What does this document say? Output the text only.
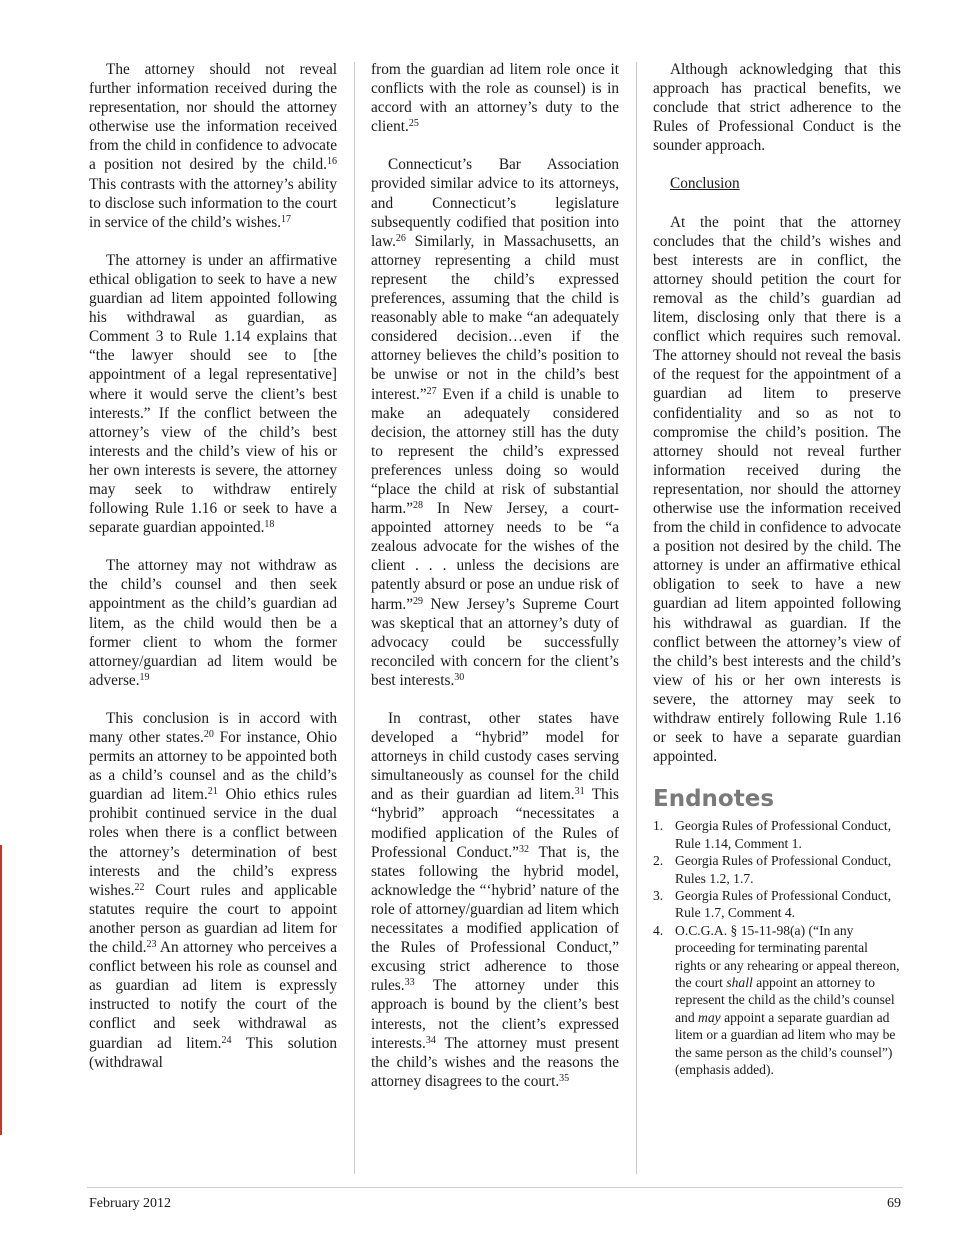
The attorney should not reveal further information received during the representation, nor should the attorney otherwise use the information received from the child in confidence to advocate a position not desired by the child.$^{16}$ This contrasts with the attorney’s ability to disclose such information to the court in service of the child’s wishes.$^{17}$

The attorney is under an affirmative ethical obligation to seek to have a new guardian ad litem appointed following his withdrawal as guardian, as Comment 3 to Rule 1.14 explains that “the lawyer should see to [the appointment of a legal representative] where it would serve the client’s best interests.” If the conflict between the attorney’s view of the child’s best interests and the child’s view of his or her own interests is severe, the attorney may seek to withdraw entirely following Rule 1.16 or seek to have a separate guardian appointed.$^{18}$

The attorney may not withdraw as the child’s counsel and then seek appointment as the child’s guardian ad litem, as the child would then be a former client to whom the former attorney/guardian ad litem would be adverse.$^{19}$

This conclusion is in accord with many other states.$^{20}$ For instance, Ohio permits an attorney to be appointed both as a child’s counsel and as the child’s guardian ad litem.$^{21}$ Ohio ethics rules prohibit continued service in the dual roles when there is a conflict between the attorney’s determination of best interests and the child’s express wishes.$^{22}$ Court rules and applicable statutes require the court to appoint another person as guardian ad litem for the child.$^{23}$ An attorney who perceives a conflict between his role as counsel and as guardian ad litem is expressly instructed to notify the court of the conflict and seek withdrawal as guardian ad litem.$^{24}$ This solution (withdrawal

from the guardian ad litem role once it conflicts with the role as counsel) is in accord with an attorney’s duty to the client.$^{25}$

Connecticut’s Bar Association provided similar advice to its attorneys, and Connecticut’s legislature subsequently codified that position into law.$^{26}$ Similarly, in Massachusetts, an attorney representing a child must represent the child’s expressed preferences, assuming that the child is reasonably able to make “an adequately considered decision…even if the attorney believes the child’s position to be unwise or not in the child’s best interest.”$^{27}$ Even if a child is unable to make an adequately considered decision, the attorney still has the duty to represent the child’s expressed preferences unless doing so would “place the child at risk of substantial harm.”$^{28}$ In New Jersey, a court-appointed attorney needs to be “a zealous advocate for the wishes of the client . . . unless the decisions are patently absurd or pose an undue risk of harm.”$^{29}$ New Jersey’s Supreme Court was skeptical that an attorney’s duty of advocacy could be successfully reconciled with concern for the client’s best interests.$^{30}$

In contrast, other states have developed a “hybrid” model for attorneys in child custody cases serving simultaneously as counsel for the child and as their guardian ad litem.$^{31}$ This “hybrid” approach “necessitates a modified application of the Rules of Professional Conduct.”$^{32}$ That is, the states following the hybrid model, acknowledge the “‘hybrid’ nature of the role of attorney/guardian ad litem which necessitates a modified application of the Rules of Professional Conduct,” excusing strict adherence to those rules.$^{33}$ The attorney under this approach is bound by the client’s best interests, not the client’s expressed interests.$^{34}$ The attorney must present the child’s wishes and the reasons the attorney disagrees to the court.$^{35}$

Although acknowledging that this approach has practical benefits, we conclude that strict adherence to the Rules of Professional Conduct is the sounder approach.

Conclusion

At the point that the attorney concludes that the child’s wishes and best interests are in conflict, the attorney should petition the court for removal as the child’s guardian ad litem, disclosing only that there is a conflict which requires such removal. The attorney should not reveal the basis of the request for the appointment of a guardian ad litem to preserve confidentiality and so as not to compromise the child’s position. The attorney should not reveal further information received during the representation, nor should the attorney otherwise use the information received from the child in confidence to advocate a position not desired by the child. The attorney is under an affirmative ethical obligation to seek to have a new guardian ad litem appointed following his withdrawal as guardian. If the conflict between the attorney’s view of the child’s best interests and the child’s view of his or her own interests is severe, the attorney may seek to withdraw entirely following Rule 1.16 or seek to have a separate guardian appointed.

Endnotes
1. Georgia Rules of Professional Conduct, Rule 1.14, Comment 1.
2. Georgia Rules of Professional Conduct, Rules 1.2, 1.7.
3. Georgia Rules of Professional Conduct, Rule 1.7, Comment 4.
4. O.C.G.A. § 15-11-98(a) (“In any proceeding for terminating parental rights or any rehearing or appeal thereon, the court shall appoint an attorney to represent the child as the child’s counsel and may appoint a separate guardian ad litem or a guardian ad litem who may be the same person as the child’s counsel”) (emphasis added).
February 2012	69
